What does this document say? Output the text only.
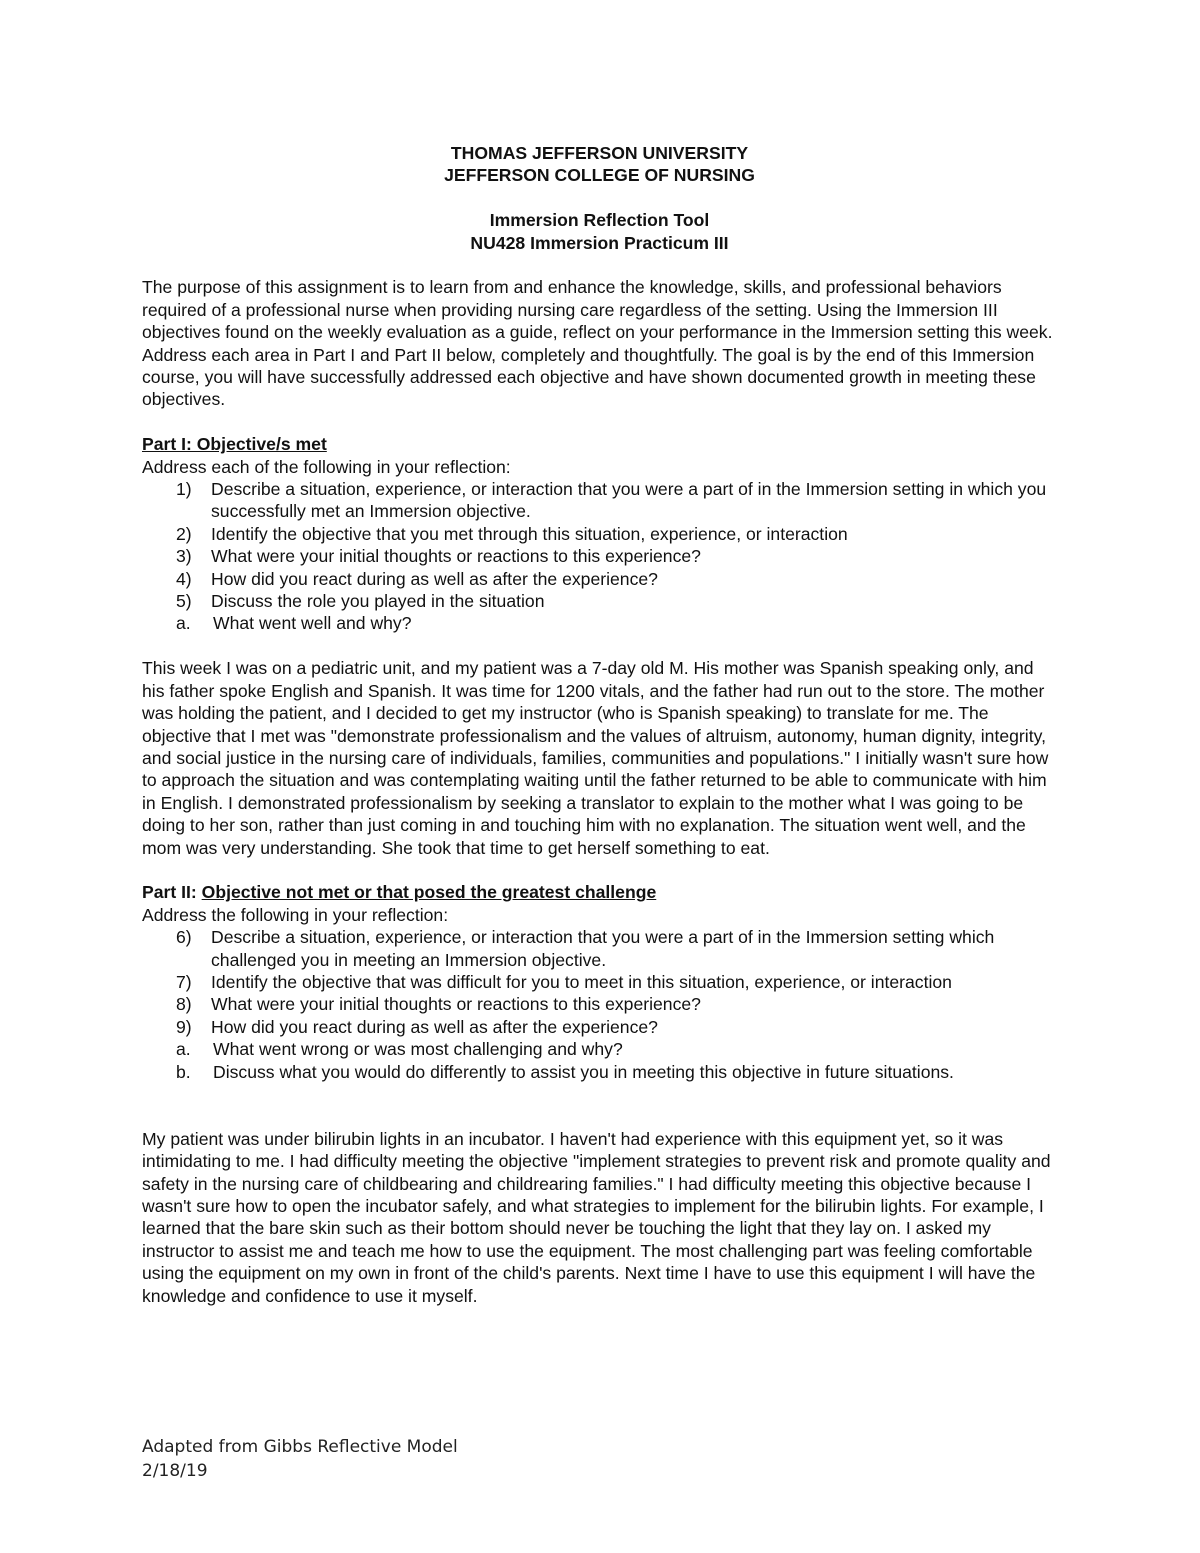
THOMAS JEFFERSON UNIVERSITY

JEFFERSON COLLEGE OF NURSING

Immersion Reflection Tool

NU428 Immersion Practicum III

The purpose of this assignment is to learn from and enhance the knowledge, skills, and professional behaviors required of a professional nurse when providing nursing care regardless of the setting. Using the Immersion III objectives found on the weekly evaluation as a guide, reflect on your performance in the Immersion setting this week. Address each area in Part I and Part II below, completely and thoughtfully. The goal is by the end of this Immersion course, you will have successfully addressed each objective and have shown documented growth in meeting these objectives.

Part I: Objective/s met

Address each of the following in your reflection:

1) Describe a situation, experience, or interaction that you were a part of in the Immersion setting in which you successfully met an Immersion objective.
2) Identify the objective that you met through this situation, experience, or interaction
3) What were your initial thoughts or reactions to this experience?
4) How did you react during as well as after the experience?
5) Discuss the role you played in the situation
a. What went well and why?

This week I was on a pediatric unit, and my patient was a 7-day old M. His mother was Spanish speaking only, and his father spoke English and Spanish. It was time for 1200 vitals, and the father had run out to the store. The mother was holding the patient, and I decided to get my instructor (who is Spanish speaking) to translate for me. The objective that I met was "demonstrate professionalism and the values of altruism, autonomy, human dignity, integrity, and social justice in the nursing care of individuals, families, communities and populations." I initially wasn't sure how to approach the situation and was contemplating waiting until the father returned to be able to communicate with him in English. I demonstrated professionalism by seeking a translator to explain to the mother what I was going to be doing to her son, rather than just coming in and touching him with no explanation. The situation went well, and the mom was very understanding. She took that time to get herself something to eat.

Part II: Objective not met or that posed the greatest challenge

Address the following in your reflection:

6) Describe a situation, experience, or interaction that you were a part of in the Immersion setting which challenged you in meeting an Immersion objective.
7) Identify the objective that was difficult for you to meet in this situation, experience, or interaction
8) What were your initial thoughts or reactions to this experience?
9) How did you react during as well as after the experience?
a. What went wrong or was most challenging and why?
b. Discuss what you would do differently to assist you in meeting this objective in future situations.

My patient was under bilirubin lights in an incubator. I haven't had experience with this equipment yet, so it was intimidating to me. I had difficulty meeting the objective "implement strategies to prevent risk and promote quality and safety in the nursing care of childbearing and childrearing families." I had difficulty meeting this objective because I wasn't sure how to open the incubator safely, and what strategies to implement for the bilirubin lights. For example, I learned that the bare skin such as their bottom should never be touching the light that they lay on. I asked my instructor to assist me and teach me how to use the equipment. The most challenging part was feeling comfortable using the equipment on my own in front of the child's parents. Next time I have to use this equipment I will have the knowledge and confidence to use it myself.

Adapted from Gibbs Reflective Model
2/18/19
